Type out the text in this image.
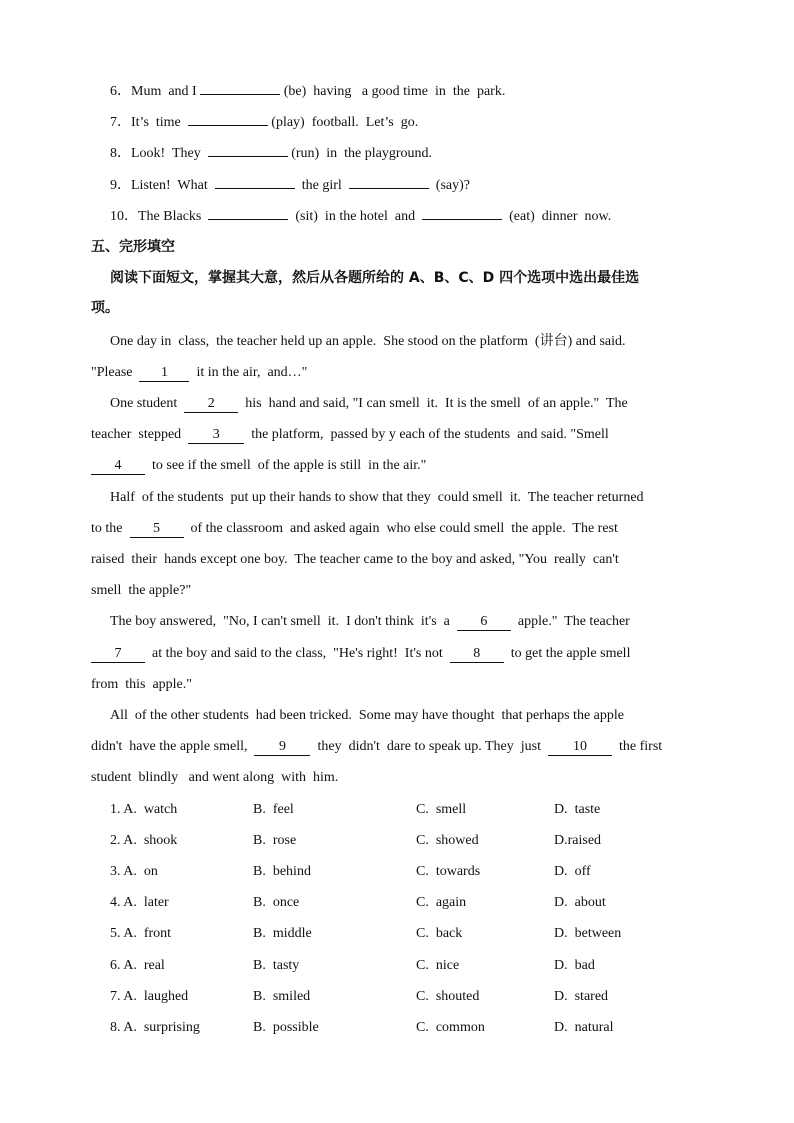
6．Mum  and I	(be)  having   a good time  in  the  park.
7．It’s  time	(play)  football.  Let’s  go.
8．Look!  They	(run)  in  the playground.
9．Listen!  What	the girl	(say)?
10．The Blacks	(sit)  in the hotel  and	(eat)  dinner  now.
五、完形填空
阅读下面短文，掌握其大意，然后从各题所给的 A、B、C、D 四个选项中选出最佳选
项。
One day in  class,  the teacher held up an apple.  She stood on the platform  (讲台) and said.
"Please  1  it in the air,  and…"
One student  2  his  hand and said, "I can smell  it.  It is the smell  of an apple."  The
teacher  stepped  3  the platform,  passed by y each of the students  and said. "Smell
4  to see if the smell  of the apple is still  in the air."
Half  of the students  put up their hands to show that they  could smell  it.  The teacher returned
to the  5  of the classroom  and asked again  who else could smell  the apple.  The rest
raised  their  hands except one boy.  The teacher came to the boy and asked, "You  really  can't
smell  the apple?"
The boy answered,  "No, I can't smell  it.  I don't think  it's  a  6  apple."  The teacher
7  at the boy and said to the class,  "He's right!  It's not  8  to get the apple smell
from  this  apple."
All  of the other students  had been tricked.  Some may have thought  that perhaps the apple
didn't  have the apple smell,  9  they  didn't  dare to speak up. They  just  10  the first
student  blindly   and went along  with  him.
1. A.  watch	B.  feel	C.  smell	D.  taste
2. A.  shook	B.  rose	C.  showed	D.raised
3. A.  on	B.  behind	C.  towards	D.  off
4. A.  later	B.  once	C.  again	D.  about
5. A.  front	B.  middle	C.  back	D.  between
6. A.  real	B.  tasty	C.  nice	D.  bad
7. A.  laughed	B.  smiled	C.  shouted	D.  stared
8. A.  surprising	B.  possible	C.  common	D.  natural
